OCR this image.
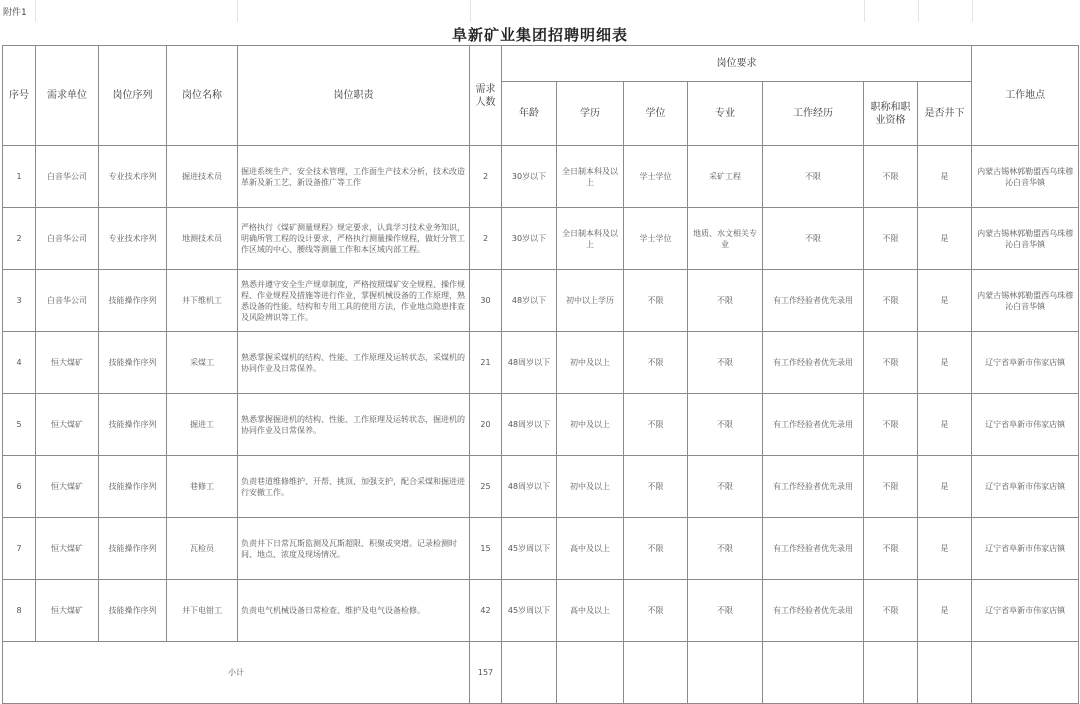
附件1
阜新矿业集团招聘明细表
序号	需求单位	岗位序列	岗位名称	岗位职责	需求人数	岗位要求							工作地点
						年龄	学历	学位	专业	工作经历	职称和职业资格	是否井下	
1	白音华公司	专业技术序列	掘进技术员	掘进系统生产、安全技术管理，工作面生产技术分析，技术改造革新及新工艺、新设备推广等工作	2	30岁以下	全日制本科及以上	学士学位	采矿工程	不限	不限	是	内蒙古锡林郭勒盟西乌珠穆沁白音华镇
2	白音华公司	专业技术序列	地测技术员	严格执行《煤矿测量规程》规定要求，认真学习技术业务知识，明确所管工程的设计要求，严格执行测量操作规程，做好分管工作区域的中心、腰线等测量工作和本区域内部工程。	2	30岁以下	全日制本科及以上	学士学位	地质、水文相关专业	不限	不限	是	内蒙古锡林郭勒盟西乌珠穆沁白音华镇
3	白音华公司	技能操作序列	井下维机工	熟悉并遵守安全生产规章制度，严格按照煤矿安全规程、操作规程、作业规程及措施等进行作业，掌握机械设备的工作原理，熟悉设备的性能、结构和专用工具的使用方法，作业地点隐患排查及风险辨识等工作。	30	48岁以下	初中以上学历	不限	不限	有工作经验者优先录用	不限	是	内蒙古锡林郭勒盟西乌珠穆沁白音华镇
4	恒大煤矿	技能操作序列	采煤工	熟悉掌握采煤机的结构、性能、工作原理及运转状态，采煤机的协同作业及日常保养。	21	48周岁以下	初中及以上	不限	不限	有工作经验者优先录用	不限	是	辽宁省阜新市伟家店镇
5	恒大煤矿	技能操作序列	掘进工	熟悉掌握掘进机的结构、性能、工作原理及运转状态，掘进机的协同作业及日常保养。	20	48周岁以下	初中及以上	不限	不限	有工作经验者优先录用	不限	是	辽宁省阜新市伟家店镇
6	恒大煤矿	技能操作序列	巷修工	负责巷道维修维护、开帮、挑顶、加强支护，配合采煤和掘进进行安撤工作。	25	48周岁以下	初中及以上	不限	不限	有工作经验者优先录用	不限	是	辽宁省阜新市伟家店镇
7	恒大煤矿	技能操作序列	瓦检员	负责井下日常瓦斯监测及瓦斯超限、积聚或突增。记录检测时间、地点、浓度及现场情况。	15	45岁周以下	高中及以上	不限	不限	有工作经验者优先录用	不限	是	辽宁省阜新市伟家店镇
8	恒大煤矿	技能操作序列	井下电钳工	负责电气机械设备日常检查、维护及电气设备检修。	42	45岁周以下	高中及以上	不限	不限	有工作经验者优先录用	不限	是	辽宁省阜新市伟家店镇
小计					157								
